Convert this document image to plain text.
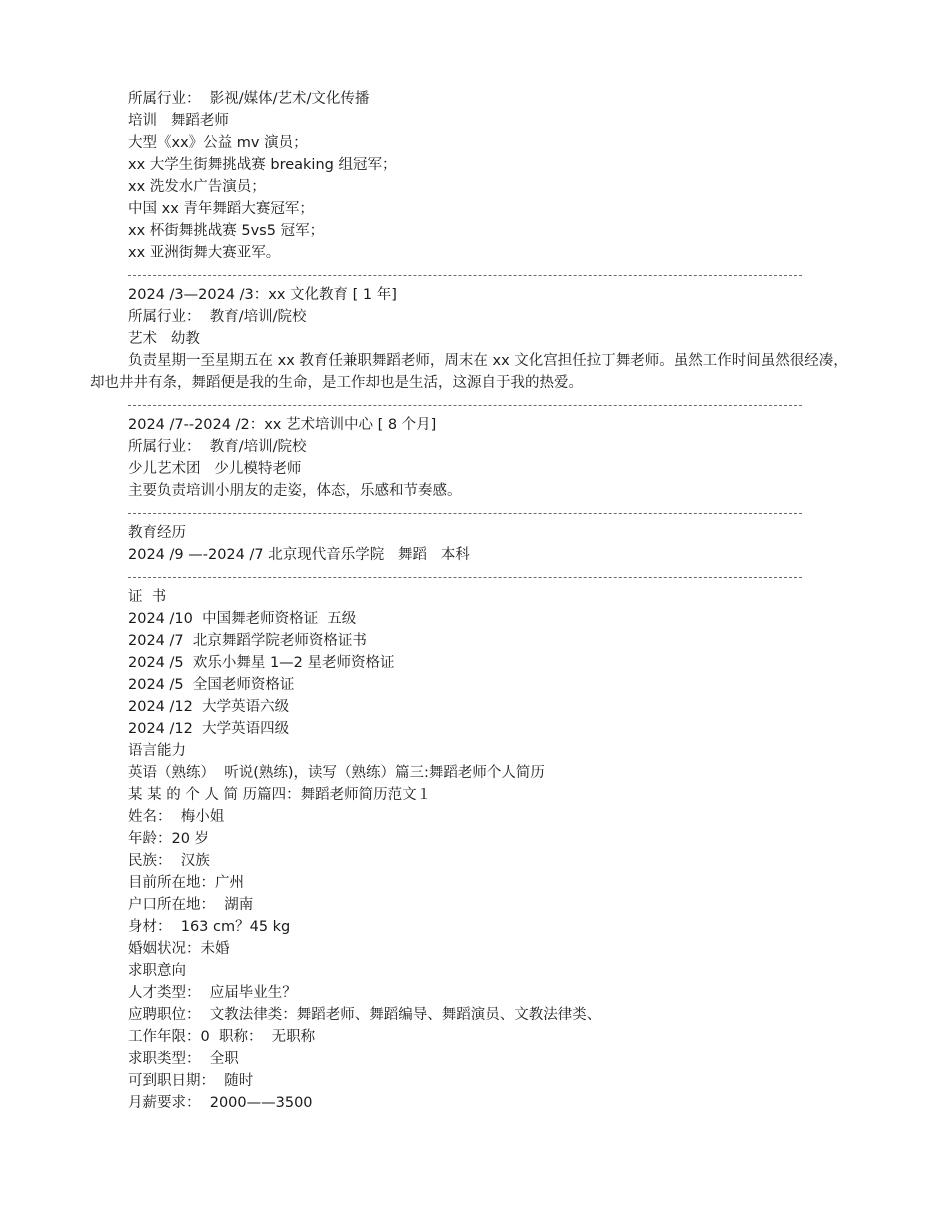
所属行业：  影视/媒体/艺术/文化传播
培训   舞蹈老师
大型《xx》公益 mv 演员；
xx 大学生街舞挑战赛 breaking 组冠军；
xx 洗发水广告演员；
中国 xx 青年舞蹈大赛冠军；
xx 杯街舞挑战赛 5vs5 冠军；
xx 亚洲街舞大赛亚军。
2024 /3—2024 /3：xx 文化教育 [ 1 年]
所属行业：  教育/培训/院校
艺术   幼教
负责星期一至星期五在 xx 教育任兼职舞蹈老师，周末在 xx 文化宫担任拉丁舞老师。虽然工作时间虽然很经凑，却也井井有条，舞蹈便是我的生命，是工作却也是生活，这源自于我的热爱。
2024 /7--2024 /2：xx 艺术培训中心 [ 8 个月]
所属行业：  教育/培训/院校
少儿艺术团   少儿模特老师
主要负责培训小朋友的走姿，体态，乐感和节奏感。
教育经历
2024 /9 —-2024 /7 北京现代音乐学院   舞蹈   本科
证  书
2024 /10  中国舞老师资格证  五级
2024 /7  北京舞蹈学院老师资格证书
2024 /5  欢乐小舞星 1—2 星老师资格证
2024 /5  全国老师资格证
2024 /12  大学英语六级
2024 /12  大学英语四级
语言能力
英语（熟练）  听说(熟练)，读写（熟练）篇三:舞蹈老师个人简历
某 某 的 个 人 简 历篇四：舞蹈老师简历范文１
姓名：  梅小姐
年龄：20 岁
民族：  汉族
目前所在地：广州
户口所在地：  湖南
身材：  163 cm？45 kg
婚姻状况：未婚
求职意向
人才类型：  应届毕业生？
应聘职位：  文教法律类：舞蹈老师、舞蹈编导、舞蹈演员、文教法律类、
工作年限：0  职称：  无职称
求职类型：  全职
可到职日期：  随时
月薪要求：  2000——3500
